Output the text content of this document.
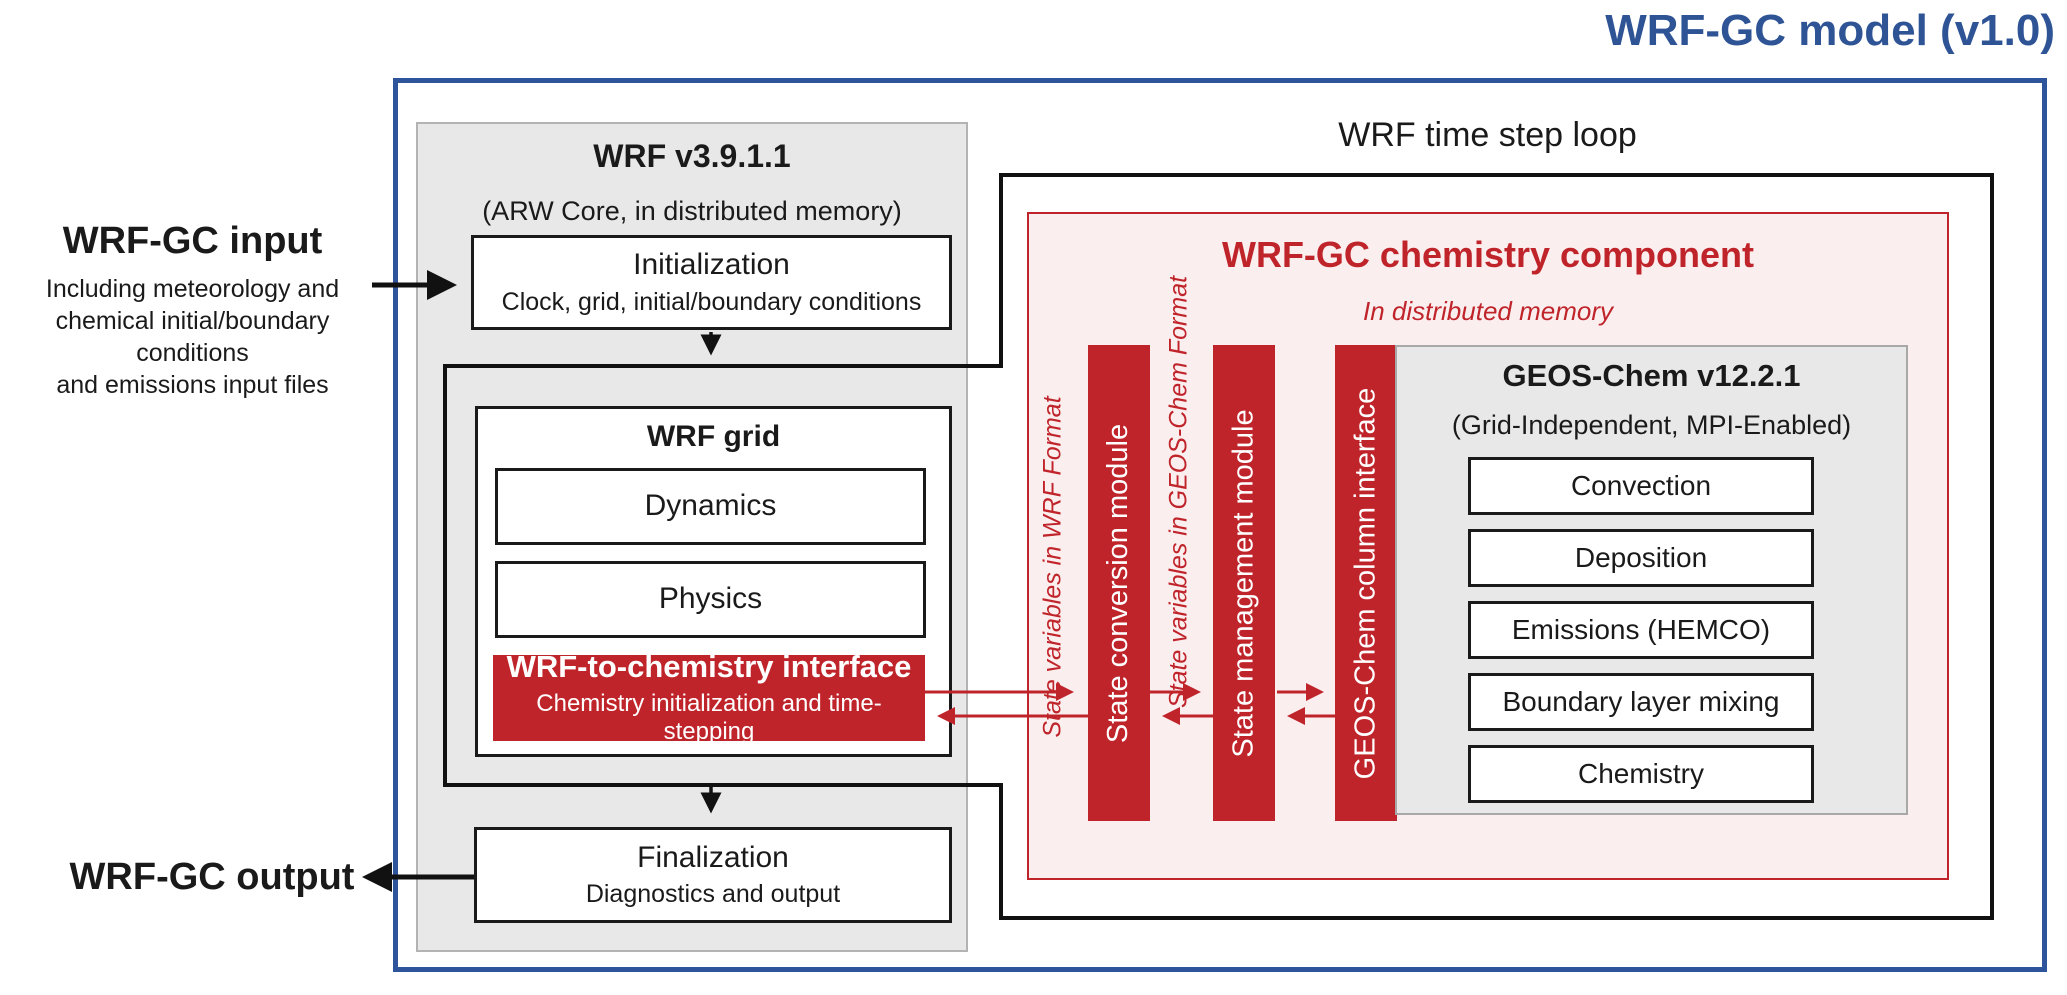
WRF-GC model (v1.0)
WRF-GC input
Including meteorology and
chemical initial/boundary conditions
and emissions input files
WRF-GC output
WRF v3.9.1.1
(ARW Core, in distributed memory)
Initialization
Clock, grid, initial/boundary conditions
WRF time step loop
WRF-GC chemistry component
In distributed memory
WRF grid
Dynamics
Physics
WRF-to-chemistry interface
Chemistry initialization and time-stepping
Finalization
Diagnostics and output
State variables in WRF Format	State variables in GEOS-Chem Format
State conversion module	State management module	GEOS-Chem column interface
GEOS-Chem v12.2.1
(Grid-Independent, MPI-Enabled)
Convection
Deposition
Emissions (HEMCO)
Boundary layer mixing
Chemistry
